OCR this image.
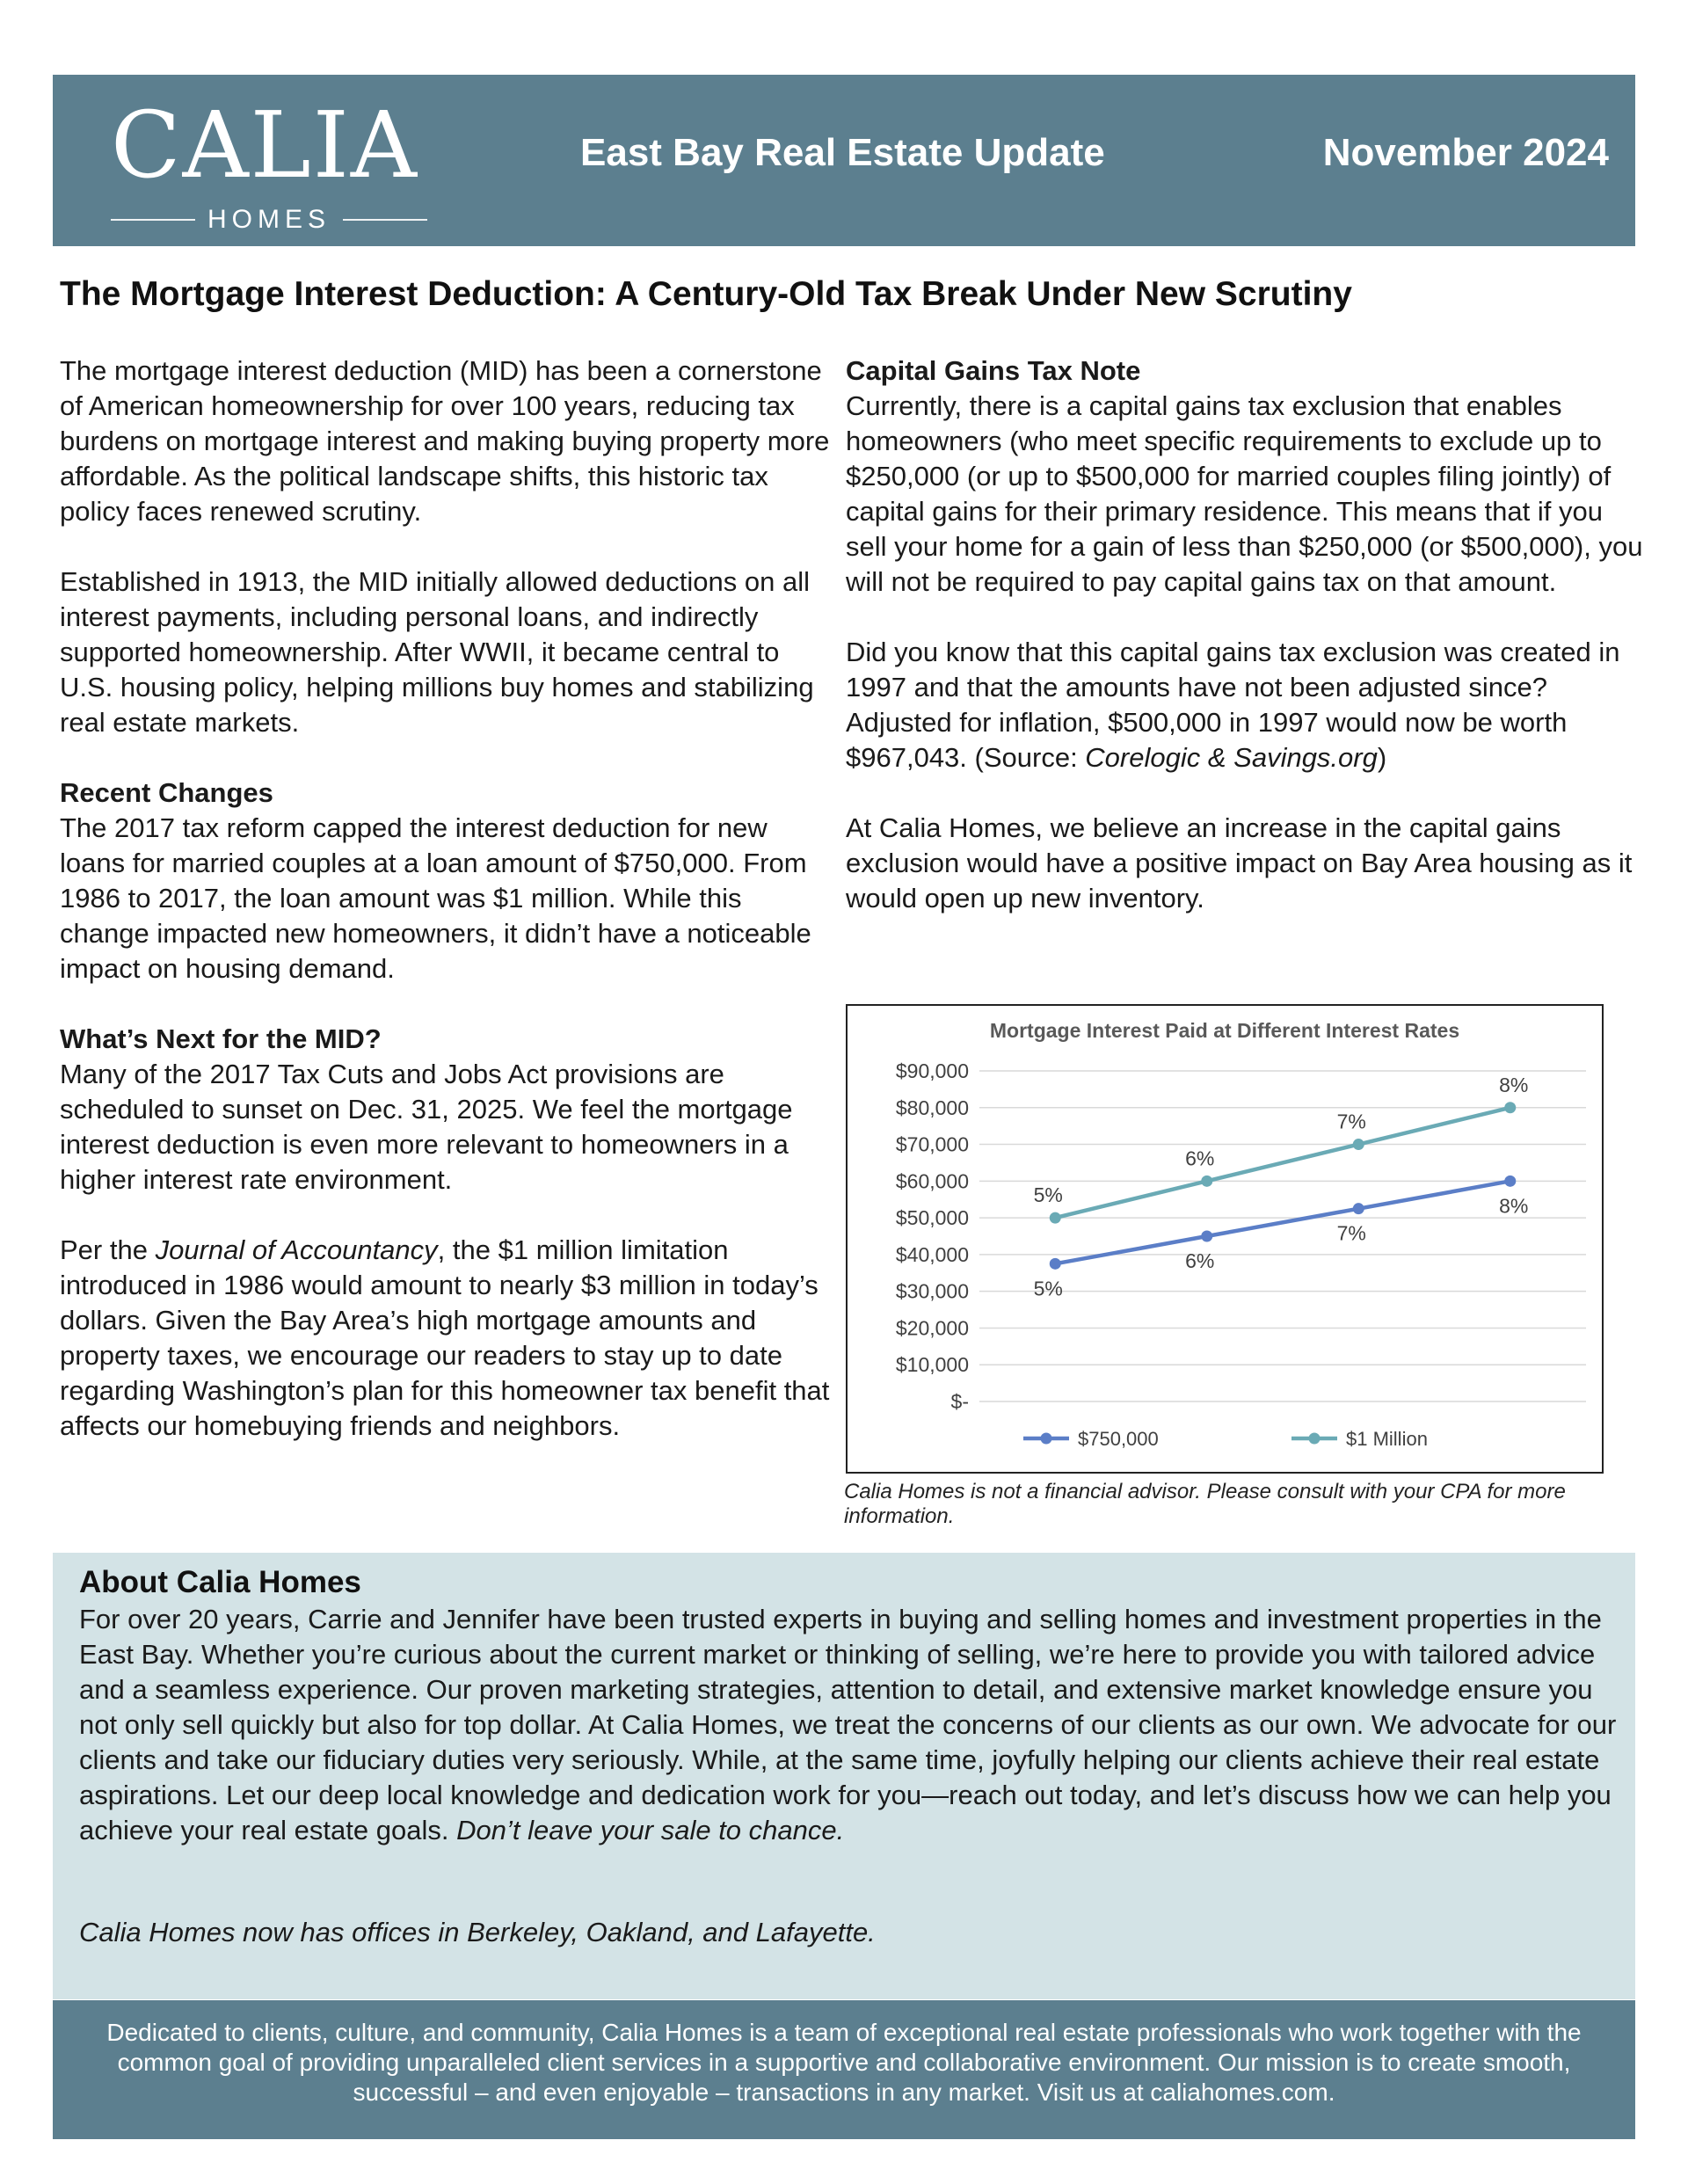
CALIA
HOMES
East Bay Real Estate Update	November 2024
The Mortgage Interest Deduction: A Century-Old Tax Break Under New Scrutiny

The mortgage interest deduction (MID) has been a cornerstone of American homeownership for over 100 years, reducing tax burdens on mortgage interest and making buying property more affordable. As the political landscape shifts, this historic tax policy faces renewed scrutiny.

Established in 1913, the MID initially allowed deductions on all interest payments, including personal loans, and indirectly supported homeownership. After WWII, it became central to U.S. housing policy, helping millions buy homes and stabilizing real estate markets.

Recent Changes

The 2017 tax reform capped the interest deduction for new loans for married couples at a loan amount of $750,000. From 1986 to 2017, the loan amount was $1 million. While this change impacted new homeowners, it didn’t have a noticeable impact on housing demand.

What’s Next for the MID?

Many of the 2017 Tax Cuts and Jobs Act provisions are scheduled to sunset on Dec. 31, 2025. We feel the mortgage interest deduction is even more relevant to homeowners in a higher interest rate environment.

Per the Journal of Accountancy, the $1 million limitation introduced in 1986 would amount to nearly $3 million in today’s dollars. Given the Bay Area’s high mortgage amounts and property taxes, we encourage our readers to stay up to date regarding Washington’s plan for this homeowner tax benefit that affects our homebuying friends and neighbors.

Capital Gains Tax Note

Currently, there is a capital gains tax exclusion that enables homeowners (who meet specific requirements to exclude up to $250,000 (or up to $500,000 for married couples filing jointly) of capital gains for their primary residence. This means that if you sell your home for a gain of less than $250,000 (or $500,000), you will not be required to pay capital gains tax on that amount.

Did you know that this capital gains tax exclusion was created in 1997 and that the amounts have not been adjusted since? Adjusted for inflation, $500,000 in 1997 would now be worth $967,043. (Source: Corelogic & Savings.org)

At Calia Homes, we believe an increase in the capital gains exclusion would have a positive impact on Bay Area housing as it would open up new inventory.

Mortgage Interest Paid at Different Interest Rates
$-
$10,000
$20,000
$30,000
$40,000
$50,000
$60,000
$70,000
$80,000
$90,000
5%
6%
7%
8%
5%
6%
7%
8%
$750,000	$1 Million
Calia Homes is not a financial advisor. Please consult with your CPA for more information.
About Calia Homes

For over 20 years, Carrie and Jennifer have been trusted experts in buying and selling homes and investment properties in the East Bay. Whether you’re curious about the current market or thinking of selling, we’re here to provide you with tailored advice and a seamless experience. Our proven marketing strategies, attention to detail, and extensive market knowledge ensure you not only sell quickly but also for top dollar. At Calia Homes, we treat the concerns of our clients as our own. We advocate for our clients and take our fiduciary duties very seriously. While, at the same time, joyfully helping our clients achieve their real estate aspirations. Let our deep local knowledge and dedication work for you—reach out today, and let’s discuss how we can help you achieve your real estate goals. Don’t leave your sale to chance.

Calia Homes now has offices in Berkeley, Oakland, and Lafayette.
Dedicated to clients, culture, and community, Calia Homes is a team of exceptional real estate professionals who work together with the common goal of providing unparalleled client services in a supportive and collaborative environment. Our mission is to create smooth, successful – and even enjoyable – transactions in any market. Visit us at caliahomes.com.
